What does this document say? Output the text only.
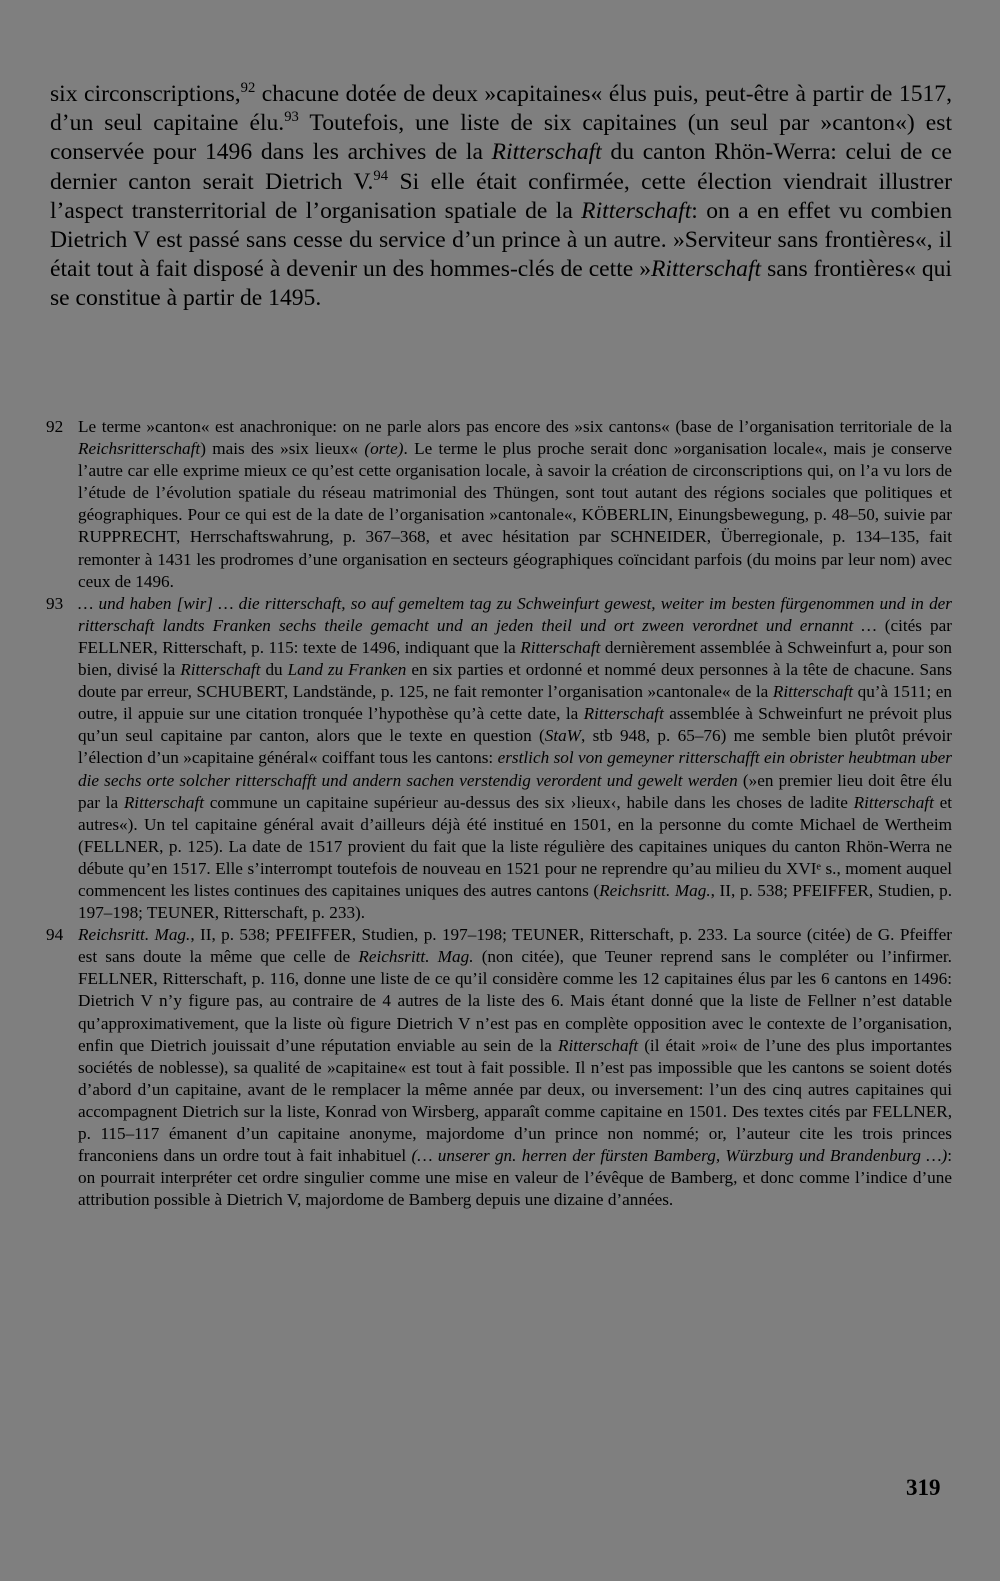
six circonscriptions,$^{92}$ chacune dotée de deux »capitaines« élus puis, peut-être à partir de 1517, d’un seul capitaine élu.$^{93}$ Toutefois, une liste de six capitaines (un seul par »canton«) est conservée pour 1496 dans les archives de la Ritterschaft du canton Rhön-Werra: celui de ce dernier canton serait Dietrich V.$^{94}$ Si elle était confirmée, cette élection viendrait illustrer l’aspect transterritorial de l’organisation spatiale de la Ritterschaft: on a en effet vu combien Dietrich V est passé sans cesse du service d’un prince à un autre. »Serviteur sans frontières«, il était tout à fait disposé à devenir un des hommes-clés de cette »Ritterschaft sans frontières« qui se constitue à partir de 1495.

92 Le terme »canton« est anachronique: on ne parle alors pas encore des »six cantons« (base de l’organisation territoriale de la Reichsritterschaft) mais des »six lieux« (orte). Le terme le plus proche serait donc »organisation locale«, mais je conserve l’autre car elle exprime mieux ce qu’est cette organisation locale, à savoir la création de circonscriptions qui, on l’a vu lors de l’étude de l’évolution spatiale du réseau matrimonial des Thüngen, sont tout autant des régions sociales que politiques et géographiques. Pour ce qui est de la date de l’organisation »cantonale«, KÖBERLIN, Einungsbewegung, p. 48–50, suivie par RUPPRECHT, Herrschaftswahrung, p. 367–368, et avec hésitation par SCHNEIDER, Überregionale, p. 134–135, fait remonter à 1431 les prodromes d’une organisation en secteurs géographiques coïncidant parfois (du moins par leur nom) avec ceux de 1496.
93 … und haben [wir] … die ritterschaft, so auf gemeltem tag zu Schweinfurt gewest, weiter im besten fürgenommen und in der ritterschaft landts Franken sechs theile gemacht und an jeden theil und ort zween verordnet und ernannt … (cités par FELLNER, Ritterschaft, p. 115: texte de 1496, indiquant que la Ritterschaft dernièrement assemblée à Schweinfurt a, pour son bien, divisé la Ritterschaft du Land zu Franken en six parties et ordonné et nommé deux personnes à la tête de chacune. Sans doute par erreur, SCHUBERT, Landstände, p. 125, ne fait remonter l’organisation »cantonale« de la Ritterschaft qu’à 1511; en outre, il appuie sur une citation tronquée l’hypothèse qu’à cette date, la Ritterschaft assemblée à Schweinfurt ne prévoit plus qu’un seul capitaine par canton, alors que le texte en question (StaW, stb 948, p. 65–76) me semble bien plutôt prévoir l’élection d’un »capitaine général« coiffant tous les cantons: erstlich sol von gemeyner ritterschafft ein obrister heubtman uber die sechs orte solcher ritterschafft und andern sachen verstendig verordent und gewelt werden (»en premier lieu doit être élu par la Ritterschaft commune un capitaine supérieur au-dessus des six ›lieux‹, habile dans les choses de ladite Ritterschaft et autres«). Un tel capitaine général avait d’ailleurs déjà été institué en 1501, en la personne du comte Michael de Wertheim (FELLNER, p. 125). La date de 1517 provient du fait que la liste régulière des capitaines uniques du canton Rhön-Werra ne débute qu’en 1517. Elle s’interrompt toutefois de nouveau en 1521 pour ne reprendre qu’au milieu du XVIᵉ s., moment auquel commencent les listes continues des capitaines uniques des autres cantons (Reichsritt. Mag., II, p. 538; PFEIFFER, Studien, p. 197–198; TEUNER, Ritterschaft, p. 233).
94 Reichsritt. Mag., II, p. 538; PFEIFFER, Studien, p. 197–198; TEUNER, Ritterschaft, p. 233. La source (citée) de G. Pfeiffer est sans doute la même que celle de Reichsritt. Mag. (non citée), que Teuner reprend sans le compléter ou l’infirmer. FELLNER, Ritterschaft, p. 116, donne une liste de ce qu’il considère comme les 12 capitaines élus par les 6 cantons en 1496: Dietrich V n’y figure pas, au contraire de 4 autres de la liste des 6. Mais étant donné que la liste de Fellner n’est datable qu’approximativement, que la liste où figure Dietrich V n’est pas en complète opposition avec le contexte de l’organisation, enfin que Dietrich jouissait d’une réputation enviable au sein de la Ritterschaft (il était »roi« de l’une des plus importantes sociétés de noblesse), sa qualité de »capitaine« est tout à fait possible. Il n’est pas impossible que les cantons se soient dotés d’abord d’un capitaine, avant de le remplacer la même année par deux, ou inversement: l’un des cinq autres capitaines qui accompagnent Dietrich sur la liste, Konrad von Wirsberg, apparaît comme capitaine en 1501. Des textes cités par FELLNER, p. 115–117 émanent d’un capitaine anonyme, majordome d’un prince non nommé; or, l’auteur cite les trois princes franconiens dans un ordre tout à fait inhabituel (… unserer gn. herren der fürsten Bamberg, Würzburg und Brandenburg …): on pourrait interpréter cet ordre singulier comme une mise en valeur de l’évêque de Bamberg, et donc comme l’indice d’une attribution possible à Dietrich V, majordome de Bamberg depuis une dizaine d’années.
319
